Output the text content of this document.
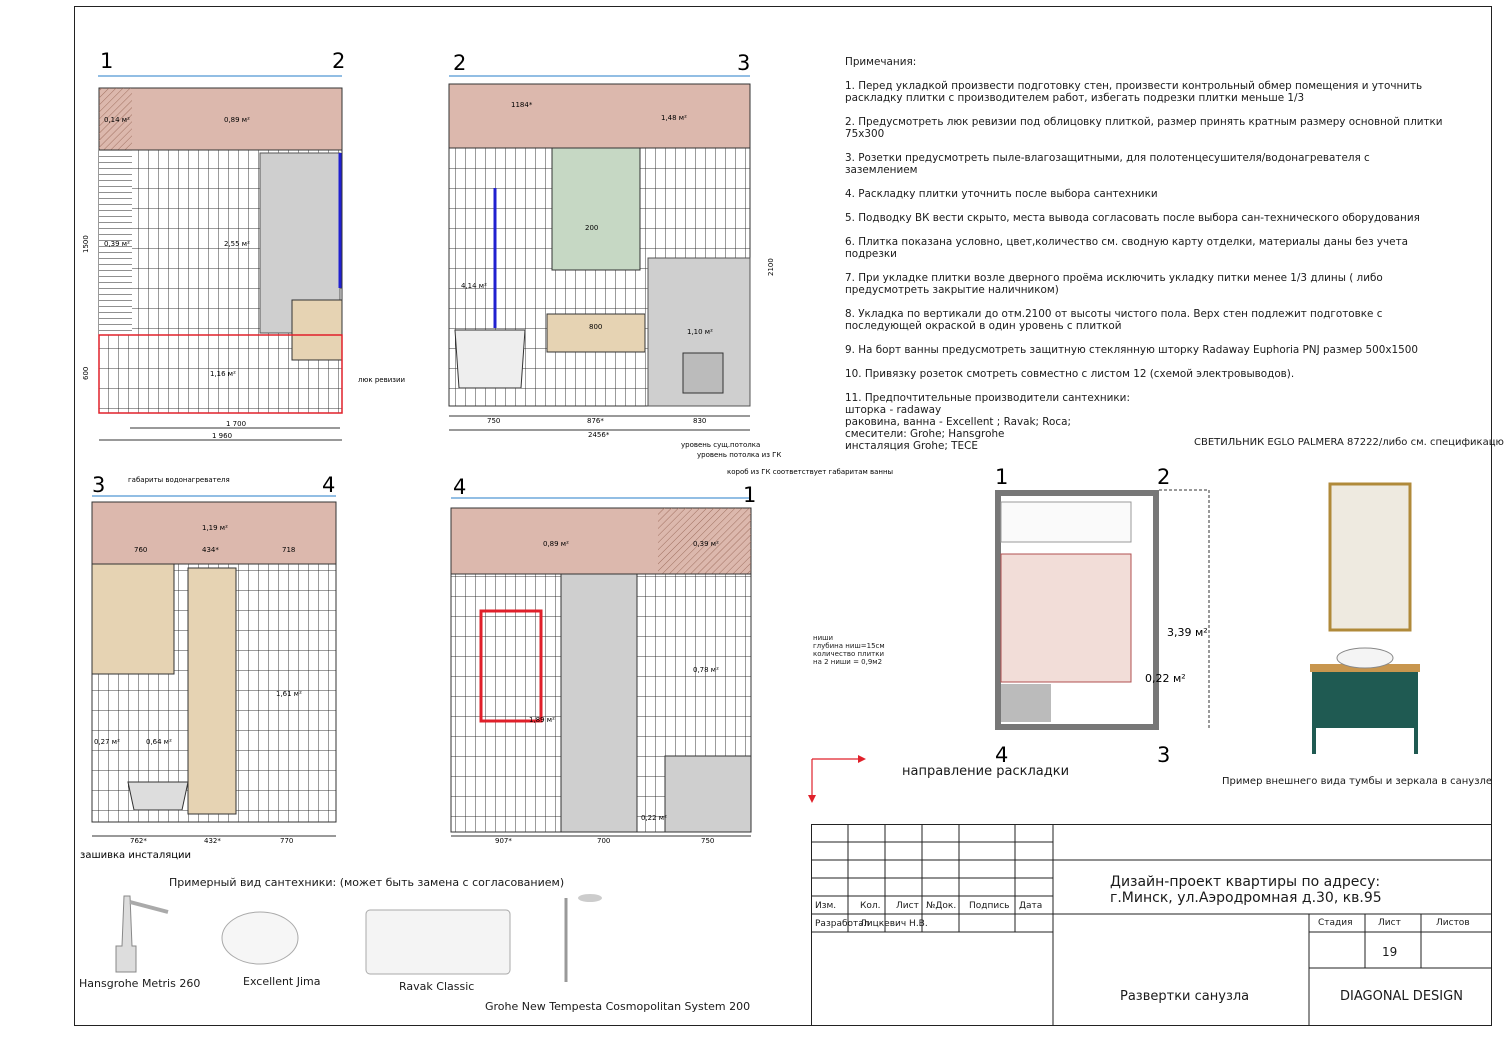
1	2
0,14 м²	0,89 м²
0,39 м²	2,55 м²
1,16 м²
1500
600
1 700
1 960
люк ревизии
2	3
1,48 м²
4,14 м²
1,10 м²
1184*
200
800
750	876*	830
2456*
2100
3	4
габариты водонагревателя
1,19 м²
1,61 м²
0,27 м²	0,64 м²
760	434*	718
762*	432*	770
зашивка инсталяции
4	1
уровень сущ.потолка
уровень потолка из ГК
короб из ГК соответствует габаритам ванны
0,89 м²	0,39 м²
1,89 м²
0,78 м²
0,22 м²
907*	700	750
ниши
глубина ниш=15см
количество плитки
на 2 ниши = 0,9м2

Примечания:

1. Перед укладкой произвести подготовку стен, произвести контрольный обмер помещения и уточнить раскладку плитки с производителем работ, избегать подрезки плитки меньше 1/3

2. Предусмотреть люк ревизии под облицовку плиткой, размер принять кратным размеру основной плитки 75х300

3. Розетки предусмотреть пыле-влагозащитными, для полотенцесушителя/водонагревателя с заземлением

4. Раскладку плитки уточнить после выбора сантехники

5. Подводку ВК вести скрыто, места вывода согласовать после выбора сан-технического оборудования

6. Плитка показана условно, цвет,количество см. сводную карту отделки, материалы даны без учета подрезки

7. При укладке плитки возле дверного проёма исключить укладку питки менее 1/3 длины ( либо предусмотреть закрытие наличником)

8. Укладка по вертикали до отм.2100 от высоты чистого пола. Верх стен подлежит подготовке с последующей окраской в один уровень с плиткой

9. На борт ванны предусмотреть защитную стеклянную шторку Radaway Euphoria PNJ размер 500х1500

10. Привязку розеток смотреть совместно с листом 12 (схемой электровыводов).

11. Предпочтительные производители сантехники:
шторка - radaway
раковина, ванна - Excellent ; Ravak; Roca;
смесители: Grohe; Hansgrohe
инсталяция Grohe; TECE	СВЕТИЛЬНИК EGLO PALMERA 87222/либо см. спецификацю
1	2
4	3
3,39 м²
0,22 м²
направление раскладки
Пример внешнего вида тумбы и зеркала в санузле
Примерный вид сантехники: (может быть замена с согласованием)
Hansgrohe Metris 260	Excellent Jima	Ravak Classic
Grohe New Tempesta Cosmopolitan System 200
Изм.	Кол. Лист №Док. Подпись Дата
Разработал
Лицкевич Н.В.
Дизайн-проект квартиры по адресу:
г.Минск, ул.Аэродромная д.30, кв.95
Стадия	Лист	Листов
19
Развертки санузла	DIAGONAL DESIGN
